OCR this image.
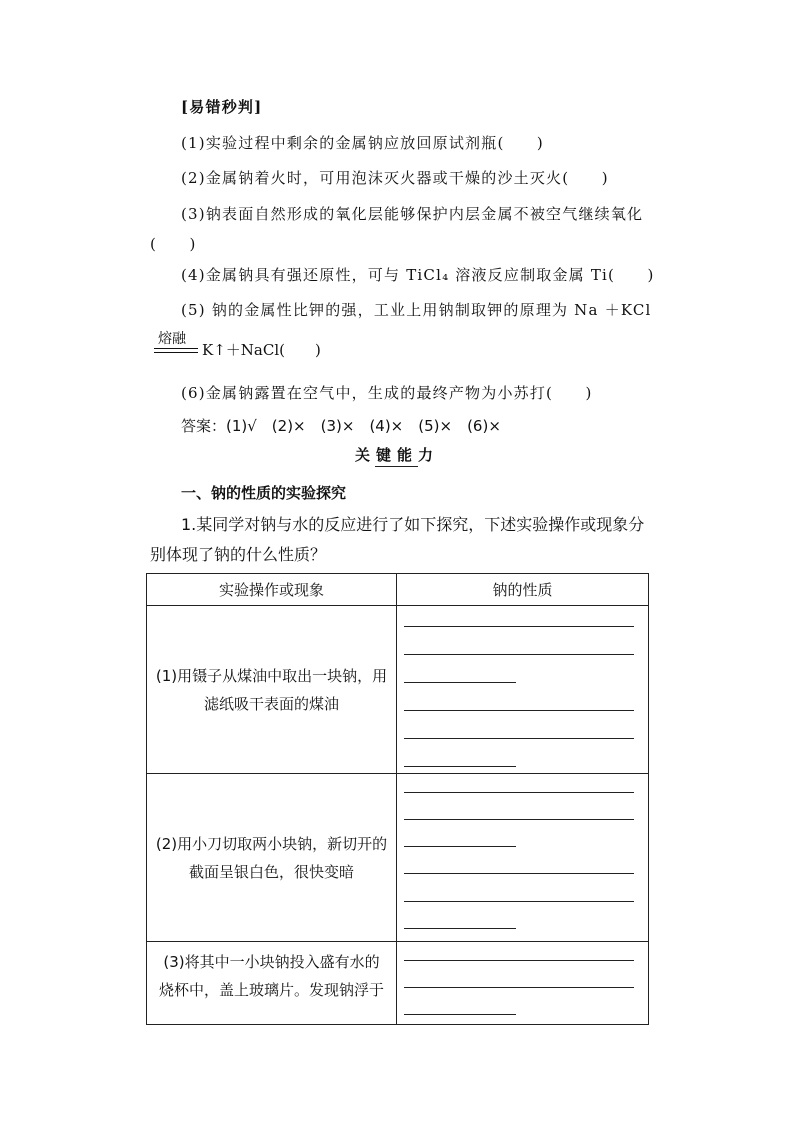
[易错秒判]
(1)实验过程中剩余的金属钠应放回原试剂瓶(　　)
(2)金属钠着火时，可用泡沫灭火器或干燥的沙土灭火(　　)
(3)钠表面自然形成的氧化层能够保护内层金属不被空气继续氧化
(　　)
(4)金属钠具有强还原性，可与 TiCl₄ 溶液反应制取金属 Ti(　　)
(5) 钠的金属性比钾的强，工业上用钠制取钾的原理为 Na ＋KCl
熔融
K↑＋NaCl(　　)
(6)金属钠露置在空气中，生成的最终产物为小苏打(　　)
答案：(1)√　(2)×　(3)×　(4)×　(5)×　(6)×
关键能力
一、钠的性质的实验探究
1.某同学对钠与水的反应进行了如下探究，下述实验操作或现象分
别体现了钠的什么性质？
实验操作或现象	钠的性质

(1)用镊子从煤油中取出一块钠，用
滤纸吸干表面的煤油	

(2)用小刀切取两小块钠，新切开的
截面呈银白色，很快变暗	

(3)将其中一小块钠投入盛有水的
烧杯中，盖上玻璃片。发现钠浮于	
